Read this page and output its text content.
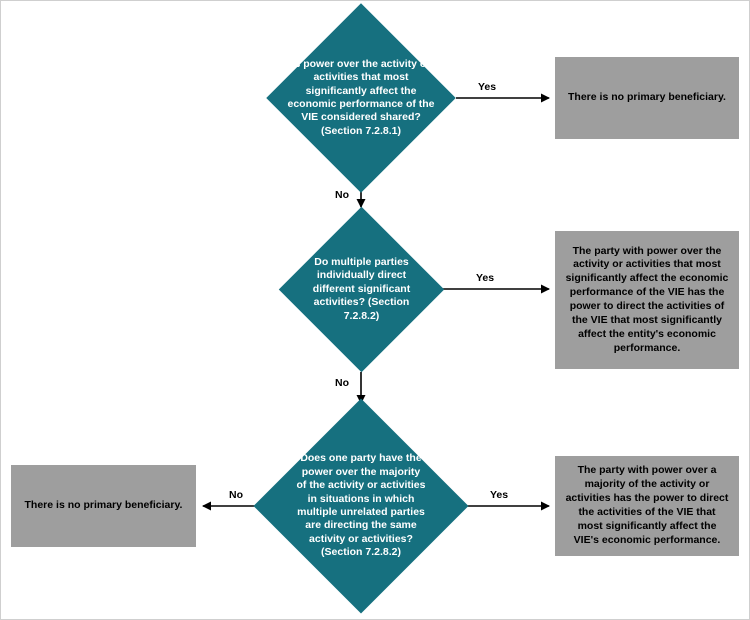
Is power over the activity or activities that most significantly affect the economic performance of the VIE considered shared? (Section 7.2.8.1)
Do multiple parties individually direct different significant activities? (Section 7.2.8.2)
Does one party have the power over the majority of the activity or activities in situations in which multiple unrelated parties are directing the same activity or activities? (Section 7.2.8.2)
There is no primary beneficiary.
The party with power over the activity or activities that most significantly affect the economic performance of the VIE has the power to direct the activities of the VIE that most significantly affect the entity's economic performance.
There is no primary beneficiary.
The party with power over a majority of the activity or activities has the power to direct the activities of the VIE that most significantly affect the VIE's economic performance.
Yes
No
Yes
No
Yes
No
